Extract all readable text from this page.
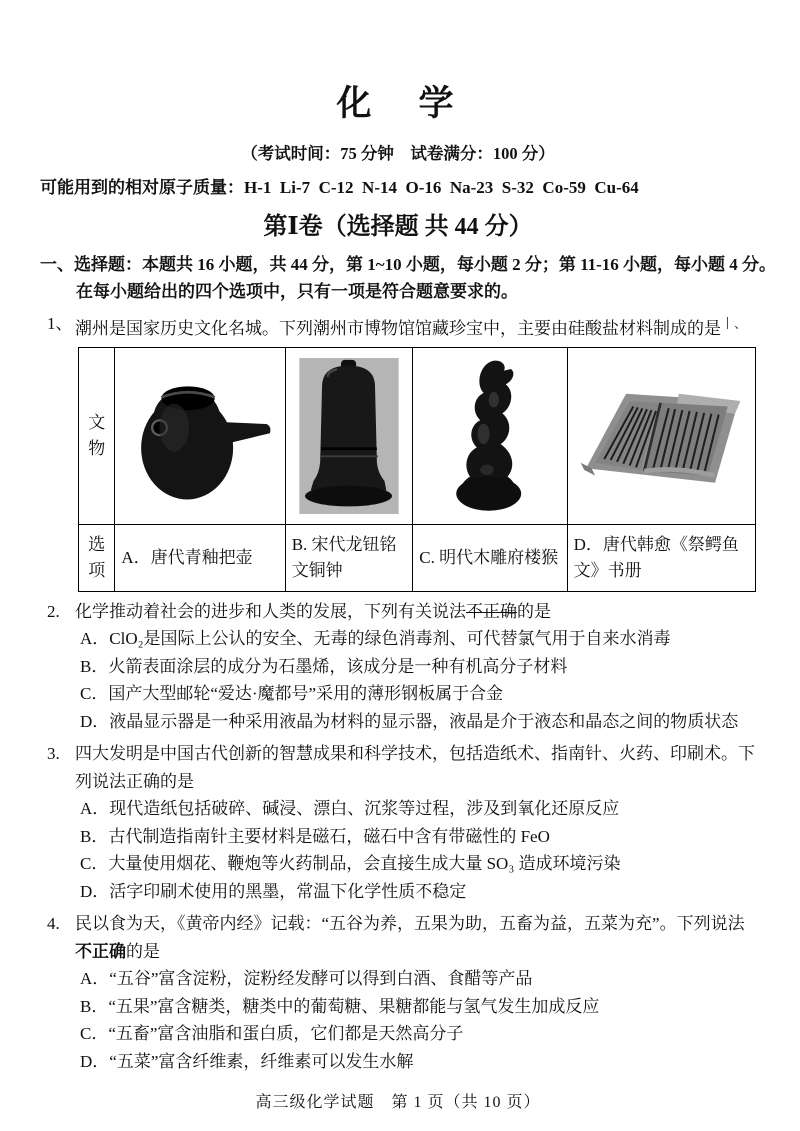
化　学
（考试时间：75 分钟　试卷满分：100 分）
可能用到的相对原子质量：H-1  Li-7  C-12  N-14  O-16  Na-23  S-32  Co-59  Cu-64
第Ⅰ卷（选择题 共 44 分）
一、选择题：本题共 16 小题，共 44 分，第 1~10 小题，每小题 2 分；第 11-16 小题，每小题 4 分。
在每小题给出的四个选项中，只有一项是符合题意要求的。
1、 潮州是国家历史文化名城。下列潮州市博物馆馆藏珍宝中，主要由硅酸盐材料制成的是$^{丨、}$
文物				
选项	A．唐代青釉把壶	B. 宋代龙钮铭文铜钟	C. 明代木雕府楼猴	D．唐代韩愈《祭鳄鱼文》书册
2. 化学推动着社会的进步和人类的发展，下列有关说法不正确的是
A．ClO₂是国际上公认的安全、无毒的绿色消毒剂、可代替氯气用于自来水消毒
B．火箭表面涂层的成分为石墨烯，该成分是一种有机高分子材料
C．国产大型邮轮“爱达·魔都号”采用的薄形钢板属于合金
D．液晶显示器是一种采用液晶为材料的显示器，液晶是介于液态和晶态之间的物质状态
3. 四大发明是中国古代创新的智慧成果和科学技术，包括造纸术、指南针、火药、印刷术。下列说法正确的是
A．现代造纸包括破碎、碱浸、漂白、沉浆等过程，涉及到氧化还原反应
B．古代制造指南针主要材料是磁石，磁石中含有带磁性的 FeO
C．大量使用烟花、鞭炮等火药制品，会直接生成大量 SO₃ 造成环境污染
D．活字印刷术使用的黑墨，常温下化学性质不稳定
4. 民以食为天，《黄帝内经》记载：“五谷为养，五果为助，五畜为益，五菜为充”。下列说法不正确的是
A．“五谷”富含淀粉，淀粉经发酵可以得到白酒、食醋等产品
B．“五果”富含糖类，糖类中的葡萄糖、果糖都能与氢气发生加成反应
C．“五畜”富含油脂和蛋白质，它们都是天然高分子
D．“五菜”富含纤维素，纤维素可以发生水解
高三级化学试题　第 1 页（共 10 页）
